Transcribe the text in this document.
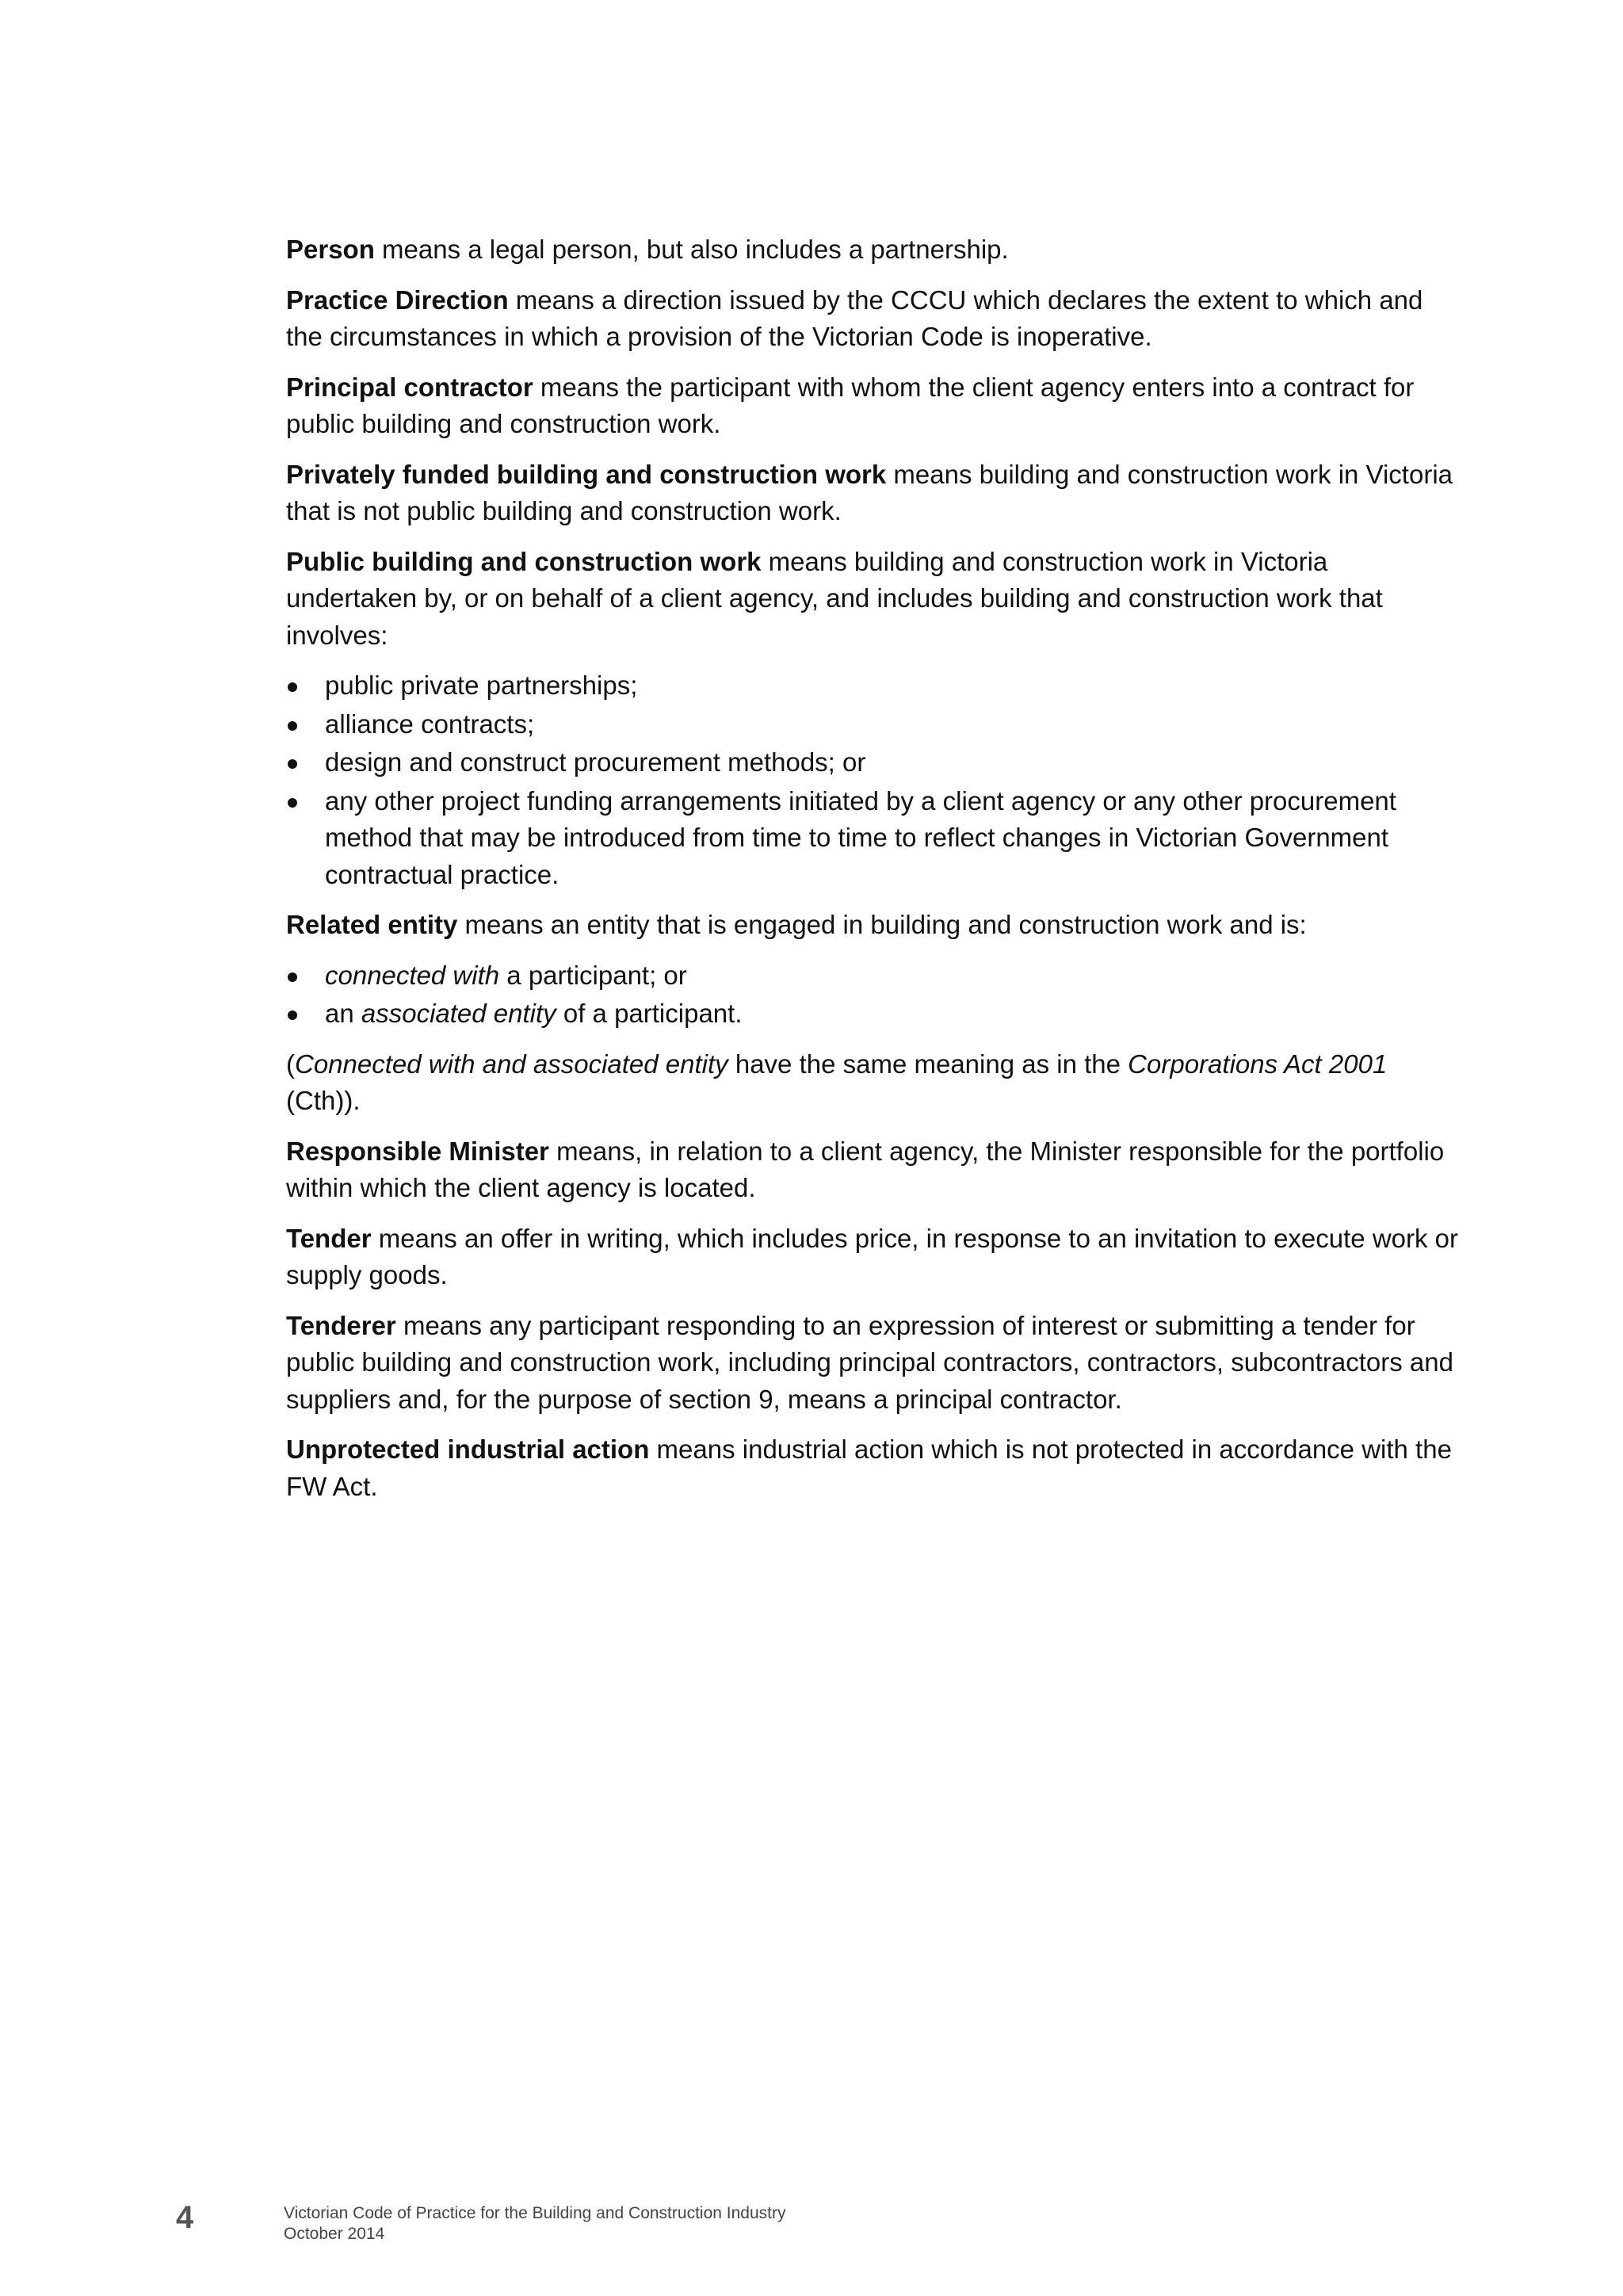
Person means a legal person, but also includes a partnership.

Practice Direction means a direction issued by the CCCU which declares the extent to which and the circumstances in which a provision of the Victorian Code is inoperative.

Principal contractor means the participant with whom the client agency enters into a contract for public building and construction work.

Privately funded building and construction work means building and construction work in Victoria that is not public building and construction work.

Public building and construction work means building and construction work in Victoria undertaken by, or on behalf of a client agency, and includes building and construction work that involves:

public private partnerships;
alliance contracts;
design and construct procurement methods; or
any other project funding arrangements initiated by a client agency or any other procurement method that may be introduced from time to time to reflect changes in Victorian Government contractual practice.

Related entity means an entity that is engaged in building and construction work and is:

connected with a participant; or
an associated entity of a participant.

(Connected with and associated entity have the same meaning as in the Corporations Act 2001 (Cth)).

Responsible Minister means, in relation to a client agency, the Minister responsible for the portfolio within which the client agency is located.

Tender means an offer in writing, which includes price, in response to an invitation to execute work or supply goods.

Tenderer means any participant responding to an expression of interest or submitting a tender for public building and construction work, including principal contractors, contractors, subcontractors and suppliers and, for the purpose of section 9, means a principal contractor.

Unprotected industrial action means industrial action which is not protected in accordance with the FW Act.

4	Victorian Code of Practice for the Building and Construction Industry
October 2014
